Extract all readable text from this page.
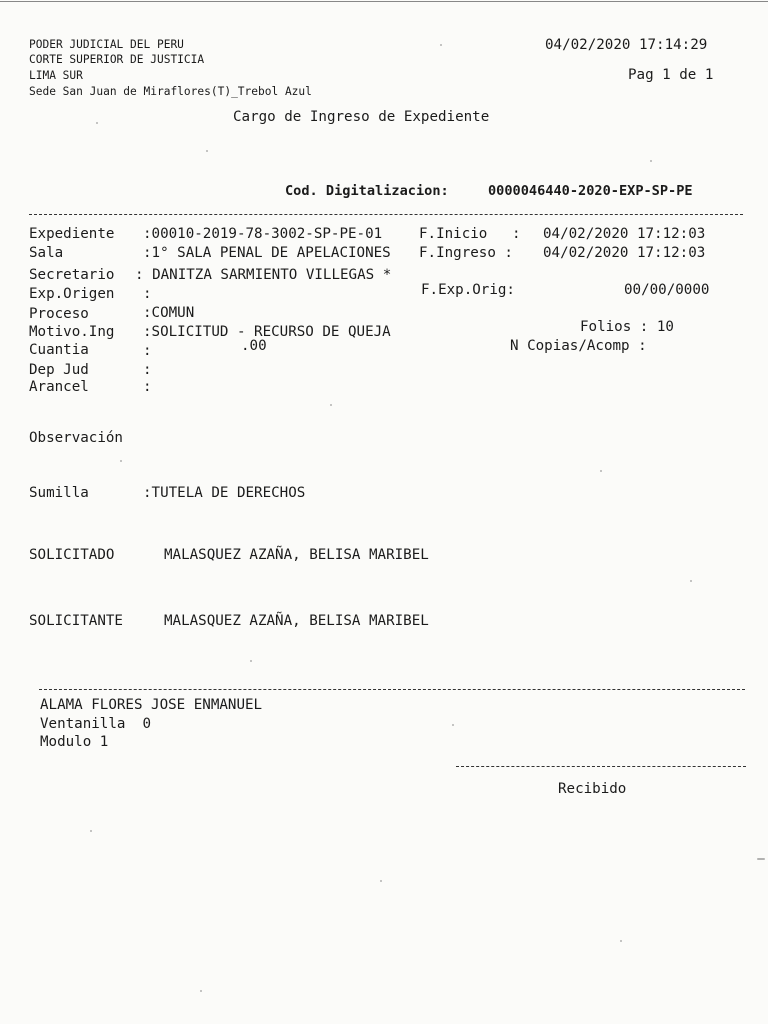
PODER JUDICIAL DEL PERU
CORTE SUPERIOR DE JUSTICIA
LIMA SUR
Sede San Juan de Miraflores(T)_Trebol Azul
04/02/2020 17:14:29
Pag 1 de 1
Cargo de Ingreso de Expediente
Cod. Digitalizacion:	0000046440-2020-EXP-SP-PE
Expediente :00010-2019-78-3002-SP-PE-01	F.Inicio : 04/02/2020 17:12:03
Sala	:1° SALA PENAL DE APELACIONES F.Ingreso : 04/02/2020 17:12:03
Secretario : DANITZA SARMIENTO VILLEGAS *
Exp.Origen :	F.Exp.Orig:	00/00/0000
Proceso	:COMUN
Motivo.Ing :SOLICITUD - RECURSO DE QUEJA	Folios : 10
Cuantia	:	.00	N Copias/Acomp :
Dep Jud	:
Arancel	:
Observación
Sumilla	:TUTELA DE DERECHOS
SOLICITADO	MALASQUEZ AZAÑA, BELISA MARIBEL
SOLICITANTE	MALASQUEZ AZAÑA, BELISA MARIBEL
ALAMA FLORES JOSE ENMANUEL
Ventanilla  0
Modulo 1
Recibido
